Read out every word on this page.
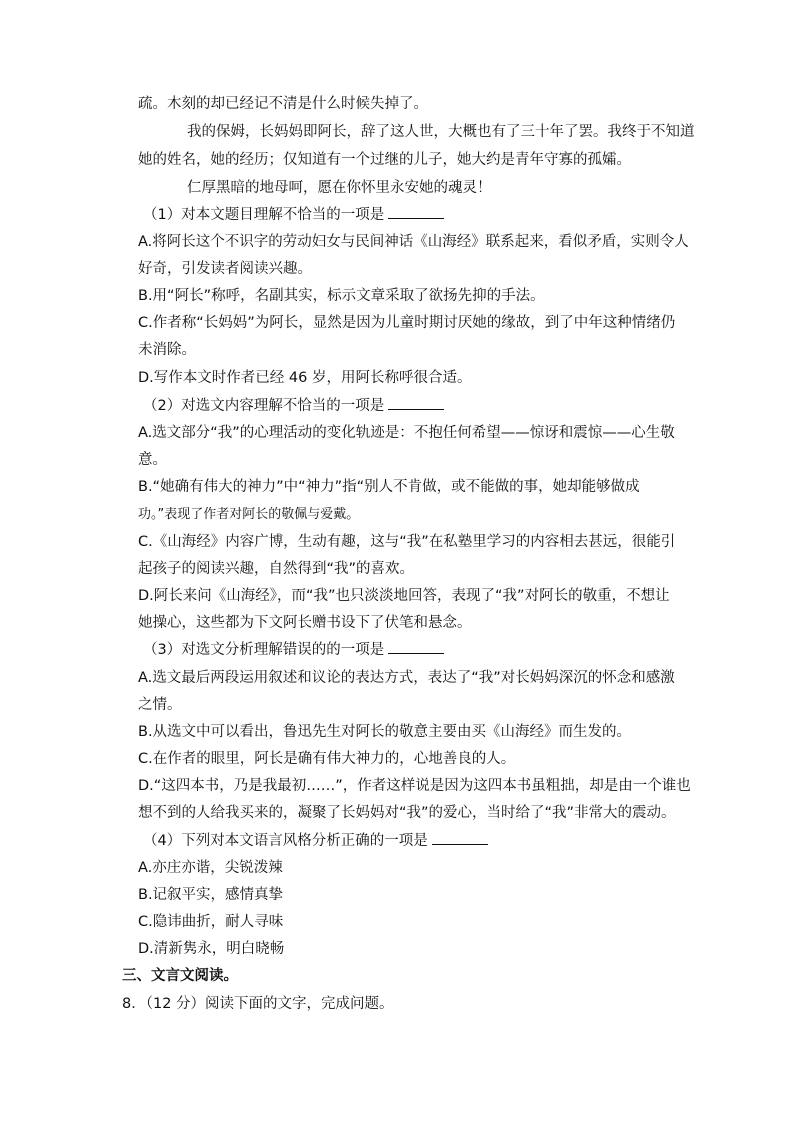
疏。木刻的却已经记不清是什么时候失掉了。
我的保姆，长妈妈即阿长，辞了这人世，大概也有了三十年了罢。我终于不知道
她的姓名，她的经历；仅知道有一个过继的儿子，她大约是青年守寡的孤孀。
仁厚黑暗的地母呵，愿在你怀里永安她的魂灵！
（1）对本文题目理解不恰当的一项是
A.将阿长这个不识字的劳动妇女与民间神话《山海经》联系起来，看似矛盾，实则令人
好奇，引发读者阅读兴趣。
B.用“阿长”称呼，名副其实，标示文章采取了欲扬先抑的手法。
C.作者称“长妈妈”为阿长，显然是因为儿童时期讨厌她的缘故，到了中年这种情绪仍
未消除。
D.写作本文时作者已经 46 岁，用阿长称呼很合适。
（2）对选文内容理解不恰当的一项是
A.选文部分“我”的心理活动的变化轨迹是：不抱任何希望——惊讶和震惊——心生敬
意。
B.“她确有伟大的神力”中“神力”指“别人不肯做，或不能做的事，她却能够做成
功。”表现了作者对阿长的敬佩与爱戴。
C.《山海经》内容广博，生动有趣，这与“我”在私塾里学习的内容相去甚远，很能引
起孩子的阅读兴趣，自然得到“我”的喜欢。
D.阿长来问《山海经》，而“我”也只淡淡地回答，表现了“我”对阿长的敬重，不想让
她操心，这些都为下文阿长赠书设下了伏笔和悬念。
（3）对选文分析理解错误的的一项是
A.选文最后两段运用叙述和议论的表达方式，表达了“我”对长妈妈深沉的怀念和感激
之情。
B.从选文中可以看出，鲁迅先生对阿长的敬意主要由买《山海经》而生发的。
C.在作者的眼里，阿长是确有伟大神力的，心地善良的人。
D.“这四本书，乃是我最初……”，作者这样说是因为这四本书虽粗拙，却是由一个谁也
想不到的人给我买来的，凝聚了长妈妈对“我”的爱心，当时给了“我”非常大的震动。
（4）下列对本文语言风格分析正确的一项是
A.亦庄亦谐，尖锐泼辣
B.记叙平实，感情真挚
C.隐讳曲折，耐人寻味
D.清新隽永，明白晓畅
三、文言文阅读。
8．（12 分）阅读下面的文字，完成问题。
